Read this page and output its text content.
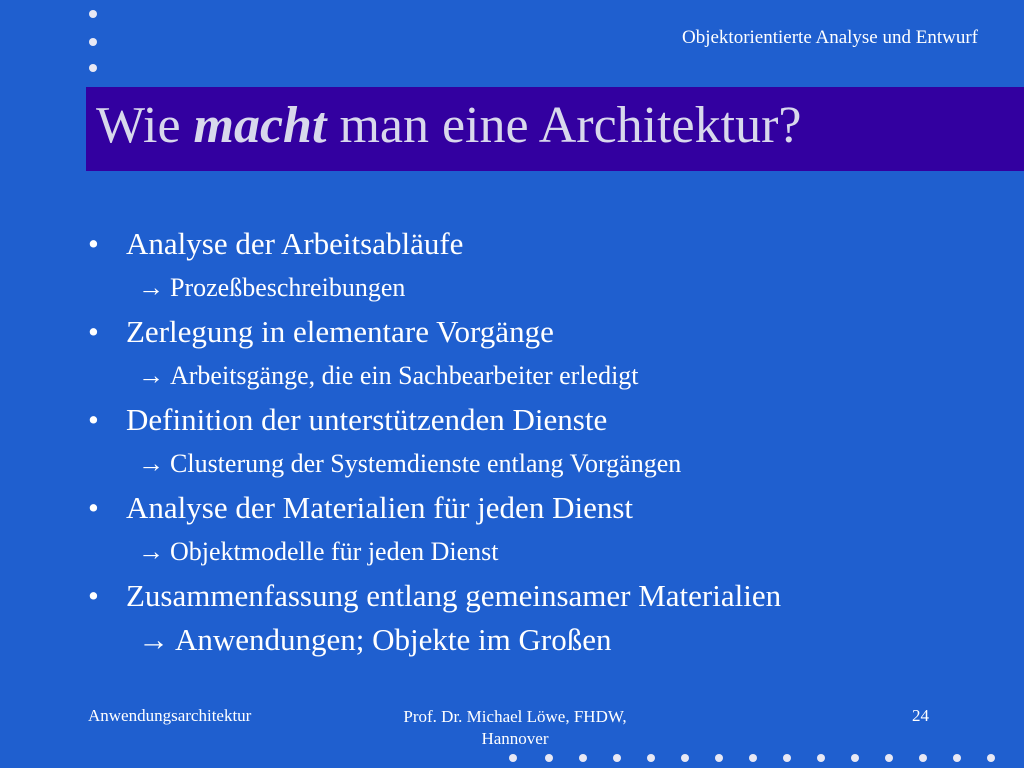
Objektorientierte Analyse und Entwurf
Wie macht man eine Architektur?
• Analyse der Arbeitsabläufe
→ Prozeßbeschreibungen
• Zerlegung in elementare Vorgänge
→ Arbeitsgänge, die ein Sachbearbeiter erledigt
• Definition der unterstützenden Dienste
→ Clusterung der Systemdienste entlang Vorgängen
• Analyse der Materialien für jeden Dienst
→ Objektmodelle für jeden Dienst
• Zusammenfassung entlang gemeinsamer Materialien
→ Anwendungen; Objekte im Großen
Anwendungsarchitektur	Prof. Dr. Michael Löwe, FHDW,
Hannover
24
